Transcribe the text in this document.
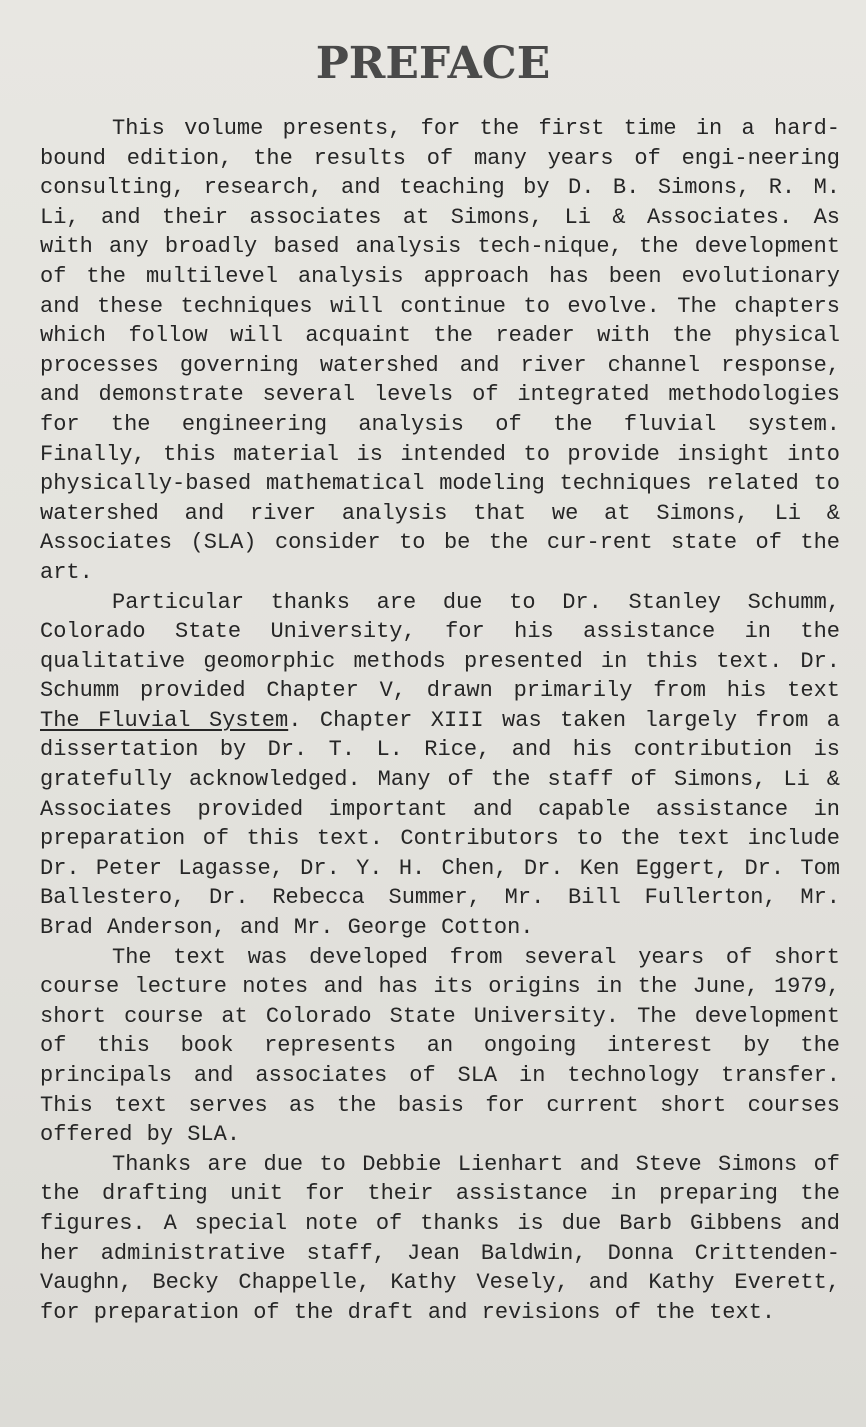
PREFACE

This volume presents, for the first time in a hard-bound edition, the results of many years of engi-neering consulting, research, and teaching by D. B. Simons, R. M. Li, and their associates at Simons, Li & Associates. As with any broadly based analysis tech-nique, the development of the multilevel analysis approach has been evolutionary and these techniques will continue to evolve. The chapters which follow will acquaint the reader with the physical processes governing watershed and river channel response, and demonstrate several levels of integrated methodologies for the engineering analysis of the fluvial system. Finally, this material is intended to provide insight into physically-based mathematical modeling techniques related to watershed and river analysis that we at Simons, Li & Associates (SLA) consider to be the cur-rent state of the art.

Particular thanks are due to Dr. Stanley Schumm, Colorado State University, for his assistance in the qualitative geomorphic methods presented in this text. Dr. Schumm provided Chapter V, drawn primarily from his text The Fluvial System. Chapter XIII was taken largely from a dissertation by Dr. T. L. Rice, and his contribution is gratefully acknowledged. Many of the staff of Simons, Li & Associates provided important and capable assistance in preparation of this text. Contributors to the text include Dr. Peter Lagasse, Dr. Y. H. Chen, Dr. Ken Eggert, Dr. Tom Ballestero, Dr. Rebecca Summer, Mr. Bill Fullerton, Mr. Brad Anderson, and Mr. George Cotton.

The text was developed from several years of short course lecture notes and has its origins in the June, 1979, short course at Colorado State University. The development of this book represents an ongoing interest by the principals and associates of SLA in technology transfer. This text serves as the basis for current short courses offered by SLA.

Thanks are due to Debbie Lienhart and Steve Simons of the drafting unit for their assistance in preparing the figures. A special note of thanks is due Barb Gibbens and her administrative staff, Jean Baldwin, Donna Crittenden-Vaughn, Becky Chappelle, Kathy Vesely, and Kathy Everett, for preparation of the draft and revisions of the text.
